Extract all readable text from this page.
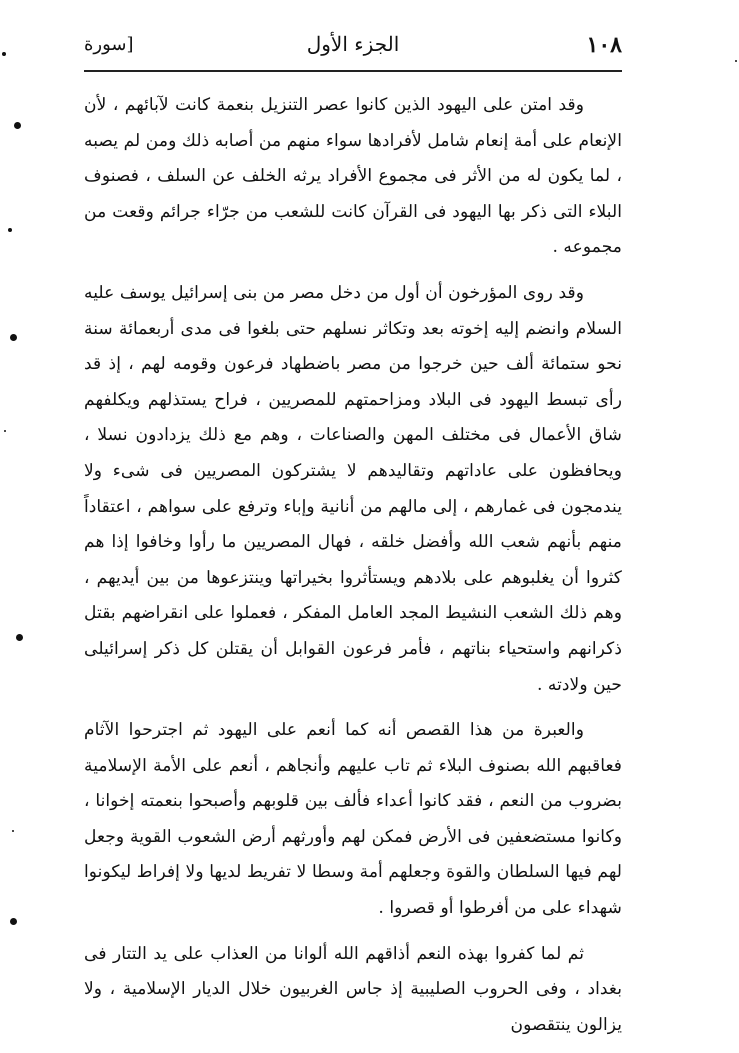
١٠٨
الجزء الأول
[سورة

وقد امتن على اليهود الذين كانوا عصر التنزيل بنعمة كانت لآبائهم ، لأن الإنعام على أمة إنعام شامل لأفرادها سواء منهم من أصابه ذلك ومن لم يصبه ، لما يكون له من الأثر فى مجموع الأفراد يرثه الخلف عن السلف ، فصنوف البلاء التى ذكر بها اليهود فى القرآن كانت للشعب من جرّاء جرائم وقعت من مجموعه .

وقد روى المؤرخون أن أول من دخل مصر من بنى إسرائيل يوسف عليه السلام وانضم إليه إخوته بعد وتكاثر نسلهم حتى بلغوا فى مدى أربعمائة سنة نحو ستمائة ألف حين خرجوا من مصر باضطهاد فرعون وقومه لهم ، إذ قد رأى تبسط اليهود فى البلاد ومزاحمتهم للمصريين ، فراح يستذلهم ويكلفهم شاق الأعمال فى مختلف المهن والصناعات ، وهم مع ذلك يزدادون نسلا ، ويحافظون على عاداتهم وتقاليدهم لا يشتركون المصريين فى شىء ولا يندمجون فى غمارهم ، إلى مالهم من أنانية وإباء وترفع على سواهم ، اعتقاداً منهم بأنهم شعب الله وأفضل خلقه ، فهال المصريين ما رأوا وخافوا إذا هم كثروا أن يغلبوهم على بلادهم ويستأثروا بخيراتها وينتزعوها من بين أيديهم ، وهم ذلك الشعب النشيط المجد العامل المفكر ، فعملوا على انقراضهم بقتل ذكرانهم واستحياء بناتهم ، فأمر فرعون القوابل أن يقتلن كل ذكر إسرائيلى حين ولادته .

والعبرة من هذا القصص أنه كما أنعم على اليهود ثم اجترحوا الآثام فعاقبهم الله بصنوف البلاء ثم تاب عليهم وأنجاهم ، أنعم على الأمة الإسلامية بضروب من النعم ، فقد كانوا أعداء فألف بين قلوبهم وأصبحوا بنعمته إخوانا ، وكانوا مستضعفين فى الأرض فمكن لهم وأورثهم أرض الشعوب القوية وجعل لهم فيها السلطان والقوة وجعلهم أمة وسطا لا تفريط لديها ولا إفراط ليكونوا شهداء على من أفرطوا أو قصروا .

ثم لما كفروا بهذه النعم أذاقهم الله ألوانا من العذاب على يد التتار فى بغداد ، وفى الحروب الصليبية إذ جاس الغربيون خلال الديار الإسلامية ، ولا يزالون ينتقصون
